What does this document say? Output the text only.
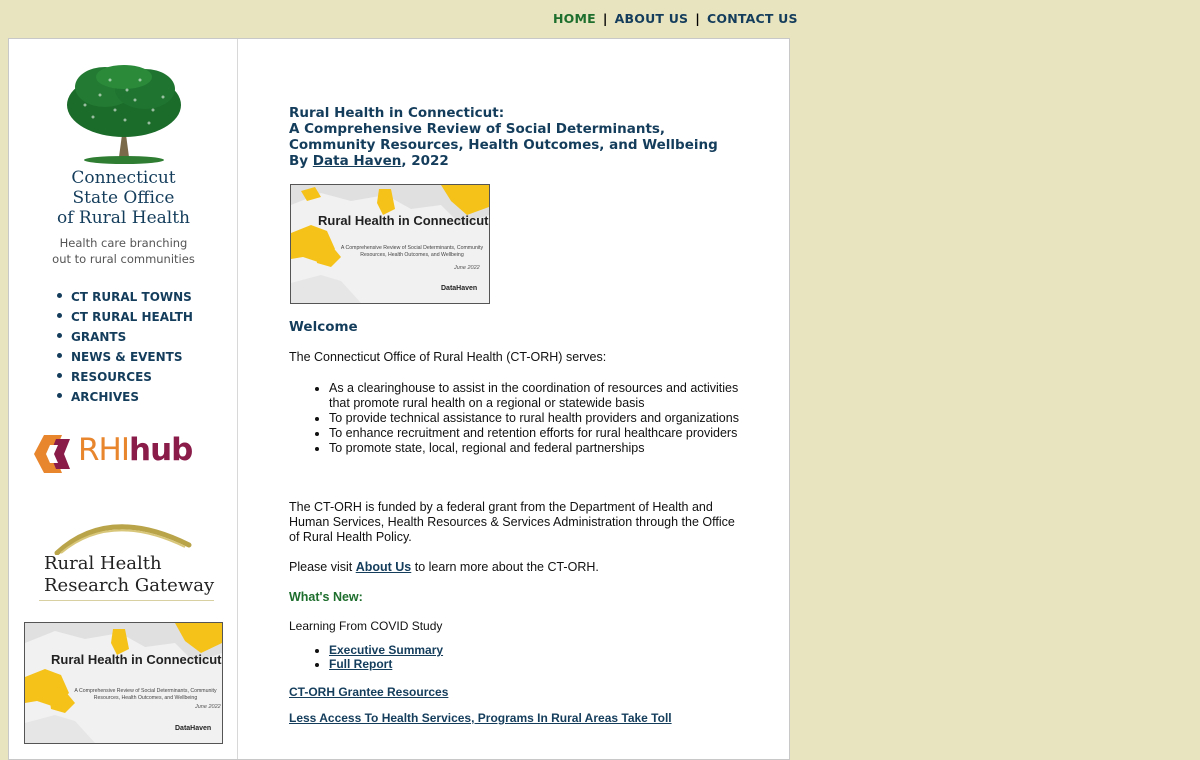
HOME | ABOUT US | CONTACT US
Connecticut
State Office
of Rural Health
Health care branching
out to rural communities
CT RURAL TOWNS
CT RURAL HEALTH
GRANTS
NEWS & EVENTS
RESOURCES
ARCHIVES
RHIhub
Rural Health
Research Gateway
Rural Health in Connecticut
A Comprehensive Review of Social Determinants, Community Resources, Health Outcomes, and Wellbeing
June 2022
DataHaven
Rural Health in Connecticut:
A Comprehensive Review of Social Determinants, Community Resources, Health Outcomes, and Wellbeing
By Data Haven, 2022
Rural Health in Connecticut
A Comprehensive Review of Social Determinants, Community Resources, Health Outcomes, and Wellbeing
June 2022
DataHaven
Welcome

The Connecticut Office of Rural Health (CT-ORH) serves:

• As a clearinghouse to assist in the coordination of resources and activities that promote rural health on a regional or statewide basis
• To provide technical assistance to rural health providers and organizations
• To enhance recruitment and retention efforts for rural healthcare providers
• To promote state, local, regional and federal partnerships

The CT-ORH is funded by a federal grant from the Department of Health and Human Services, Health Resources & Services Administration through the Office of Rural Health Policy.

Please visit About Us to learn more about the CT-ORH.

What's New:

Learning From COVID Study

• Executive Summary
• Full Report
CT-ORH Grantee Resources
Less Access To Health Services, Programs In Rural Areas Take Toll
